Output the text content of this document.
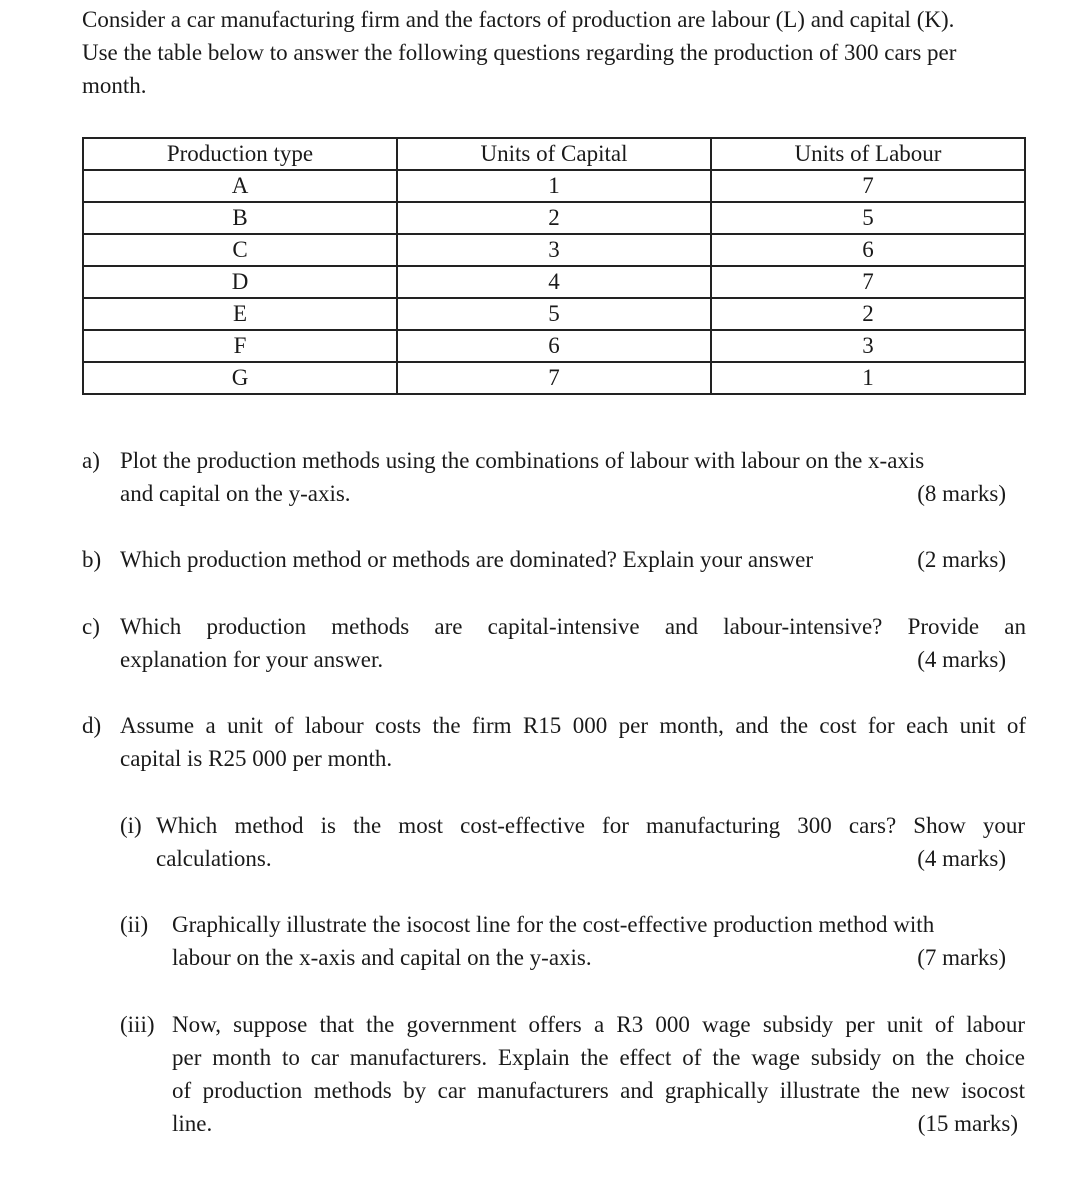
Consider a car manufacturing firm and the factors of production are labour (L) and capital (K).
Use the table below to answer the following questions regarding the production of 300 cars per
month.
Production type	Units of Capital	Units of Labour
A	1	7
B	2	5
C	3	6
D	4	7
E	5	2
F	6	3
G	7	1
a) Plot the production methods using the combinations of labour with labour on the x-axis
and capital on the y-axis.	(8 marks)
b) Which production method or methods are dominated? Explain your answer	(2 marks)
c) Which production methods are capital-intensive and labour-intensive? Provide an
explanation for your answer.	(4 marks)
d) Assume a unit of labour costs the firm R15 000 per month, and the cost for each unit of
capital is R25 000 per month.
(i) Which method is the most cost-effective for manufacturing 300 cars? Show your
calculations.	(4 marks)
(ii) Graphically illustrate the isocost line for the cost-effective production method with
labour on the x-axis and capital on the y-axis.	(7 marks)
(iii) Now, suppose that the government offers a R3 000 wage subsidy per unit of labour
per month to car manufacturers. Explain the effect of the wage subsidy on the choice
of production methods by car manufacturers and graphically illustrate the new isocost
line.	(15 marks)
